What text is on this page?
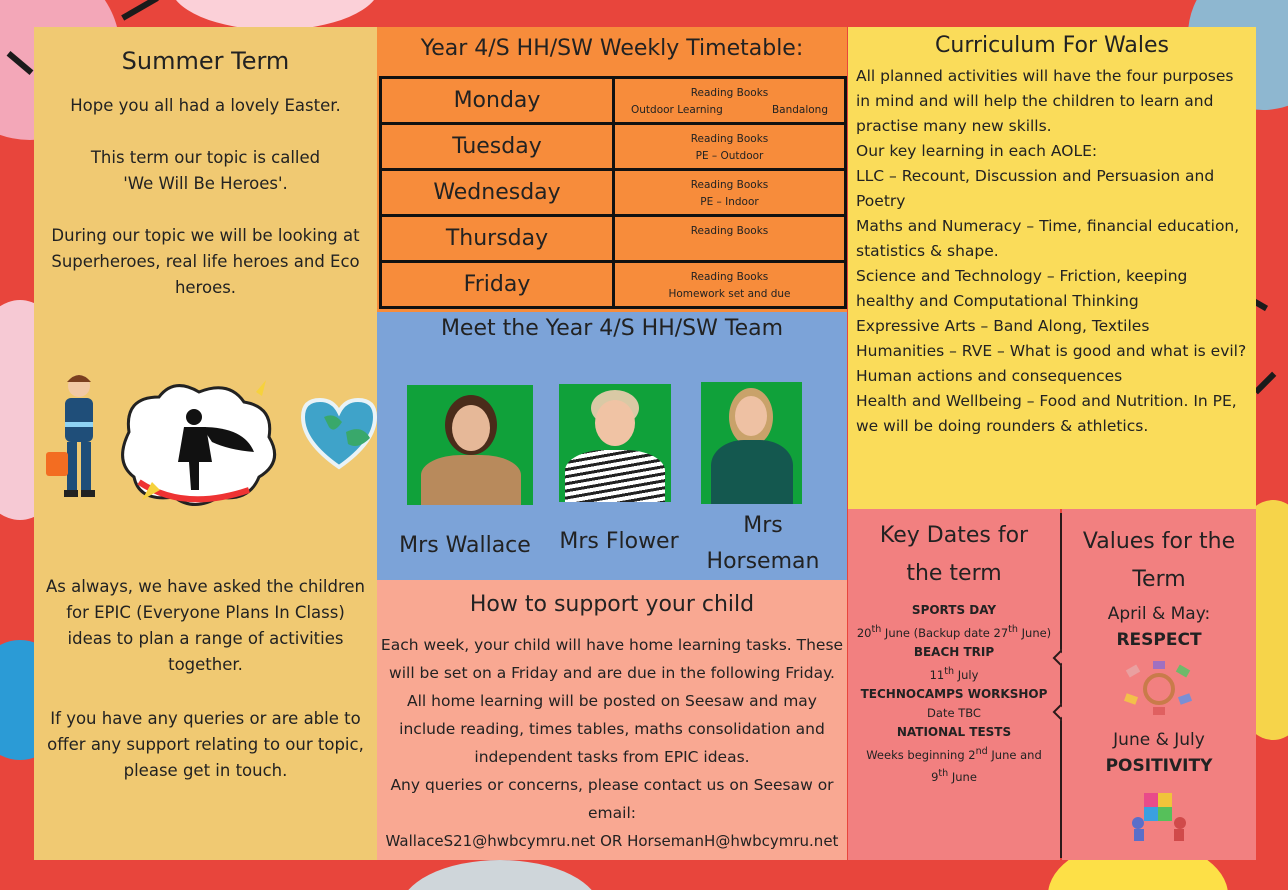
Summer Term

Hope you all had a lovely Easter.

This term our topic is called

'We Will Be Heroes'.

During our topic we will be looking at Superheroes, real life heroes and Eco heroes.

As always, we have asked the children for EPIC (Everyone Plans In Class) ideas to plan a range of activities together.

If you have any queries or are able to offer any support relating to our topic, please get in touch.

Year 4/S HH/SW Weekly Timetable:
Monday	Reading Books
Outdoor Learning Bandalong

Tuesday	Reading Books
PE – Outdoor

Wednesday	Reading Books
PE – Indoor

Thursday	Reading Books

Friday	Reading Books
Homework set and due
Meet the Year 4/S HH/SW Team
Mrs Wallace	Mrs Flower
Mrs
Horseman
How to support your child

Each week, your child will have home learning tasks. These will be set on a Friday and are due in the following Friday. All home learning will be posted on Seesaw and may include reading, times tables, maths consolidation and independent tasks from EPIC ideas.

Any queries or concerns, please contact us on Seesaw or email:

WallaceS21@hwbcymru.net OR HorsemanH@hwbcymru.net

Curriculum For Wales

All planned activities will have the four purposes in mind and will help the children to learn and practise many new skills.

Our key learning in each AOLE:

LLC – Recount, Discussion and Persuasion and Poetry

Maths and Numeracy – Time, financial education, statistics & shape.

Science and Technology – Friction, keeping healthy and Computational Thinking

Expressive Arts – Band Along, Textiles

Humanities – RVE – What is good and what is evil? Human actions and consequences

Health and Wellbeing – Food and Nutrition. In PE, we will be doing rounders & athletics.

Key Dates for
the term
SPORTS DAY
20th June (Backup date 27th June)
BEACH TRIP
11th July
TECHNOCAMPS WORKSHOP
Date TBC
NATIONAL TESTS
Weeks beginning 2nd June and
9th June
Values for the
Term
April & May:
RESPECT
June & July
POSITIVITY
